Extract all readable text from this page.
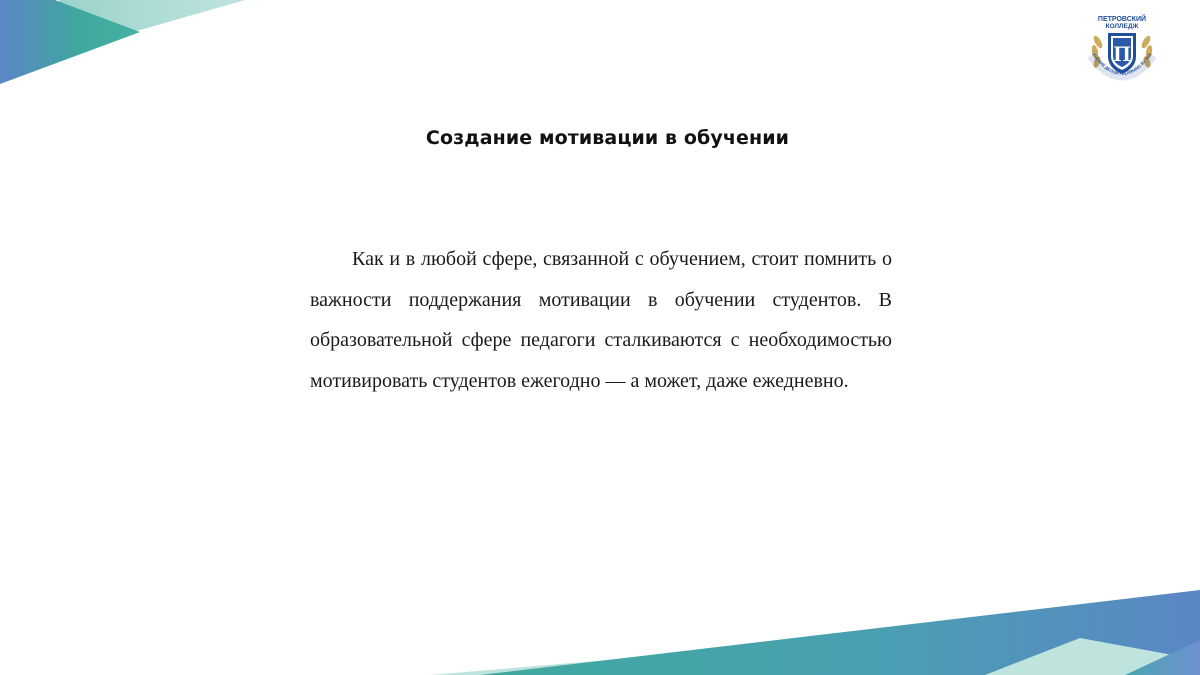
ПЕТРОВСКИЙ
КОЛЛЕДЖ
П
УЧЕНИЕ ДЕЛОМ / LEARNING BY DOI
Создание мотивации в обучении

Как и в любой сфере, связанной с обучением, стоит помнить о важности поддержания мотивации в обучении студентов. В образовательной сфере педагоги сталкиваются с необходимостью мотивировать студентов ежегодно — а может, даже ежедневно.
